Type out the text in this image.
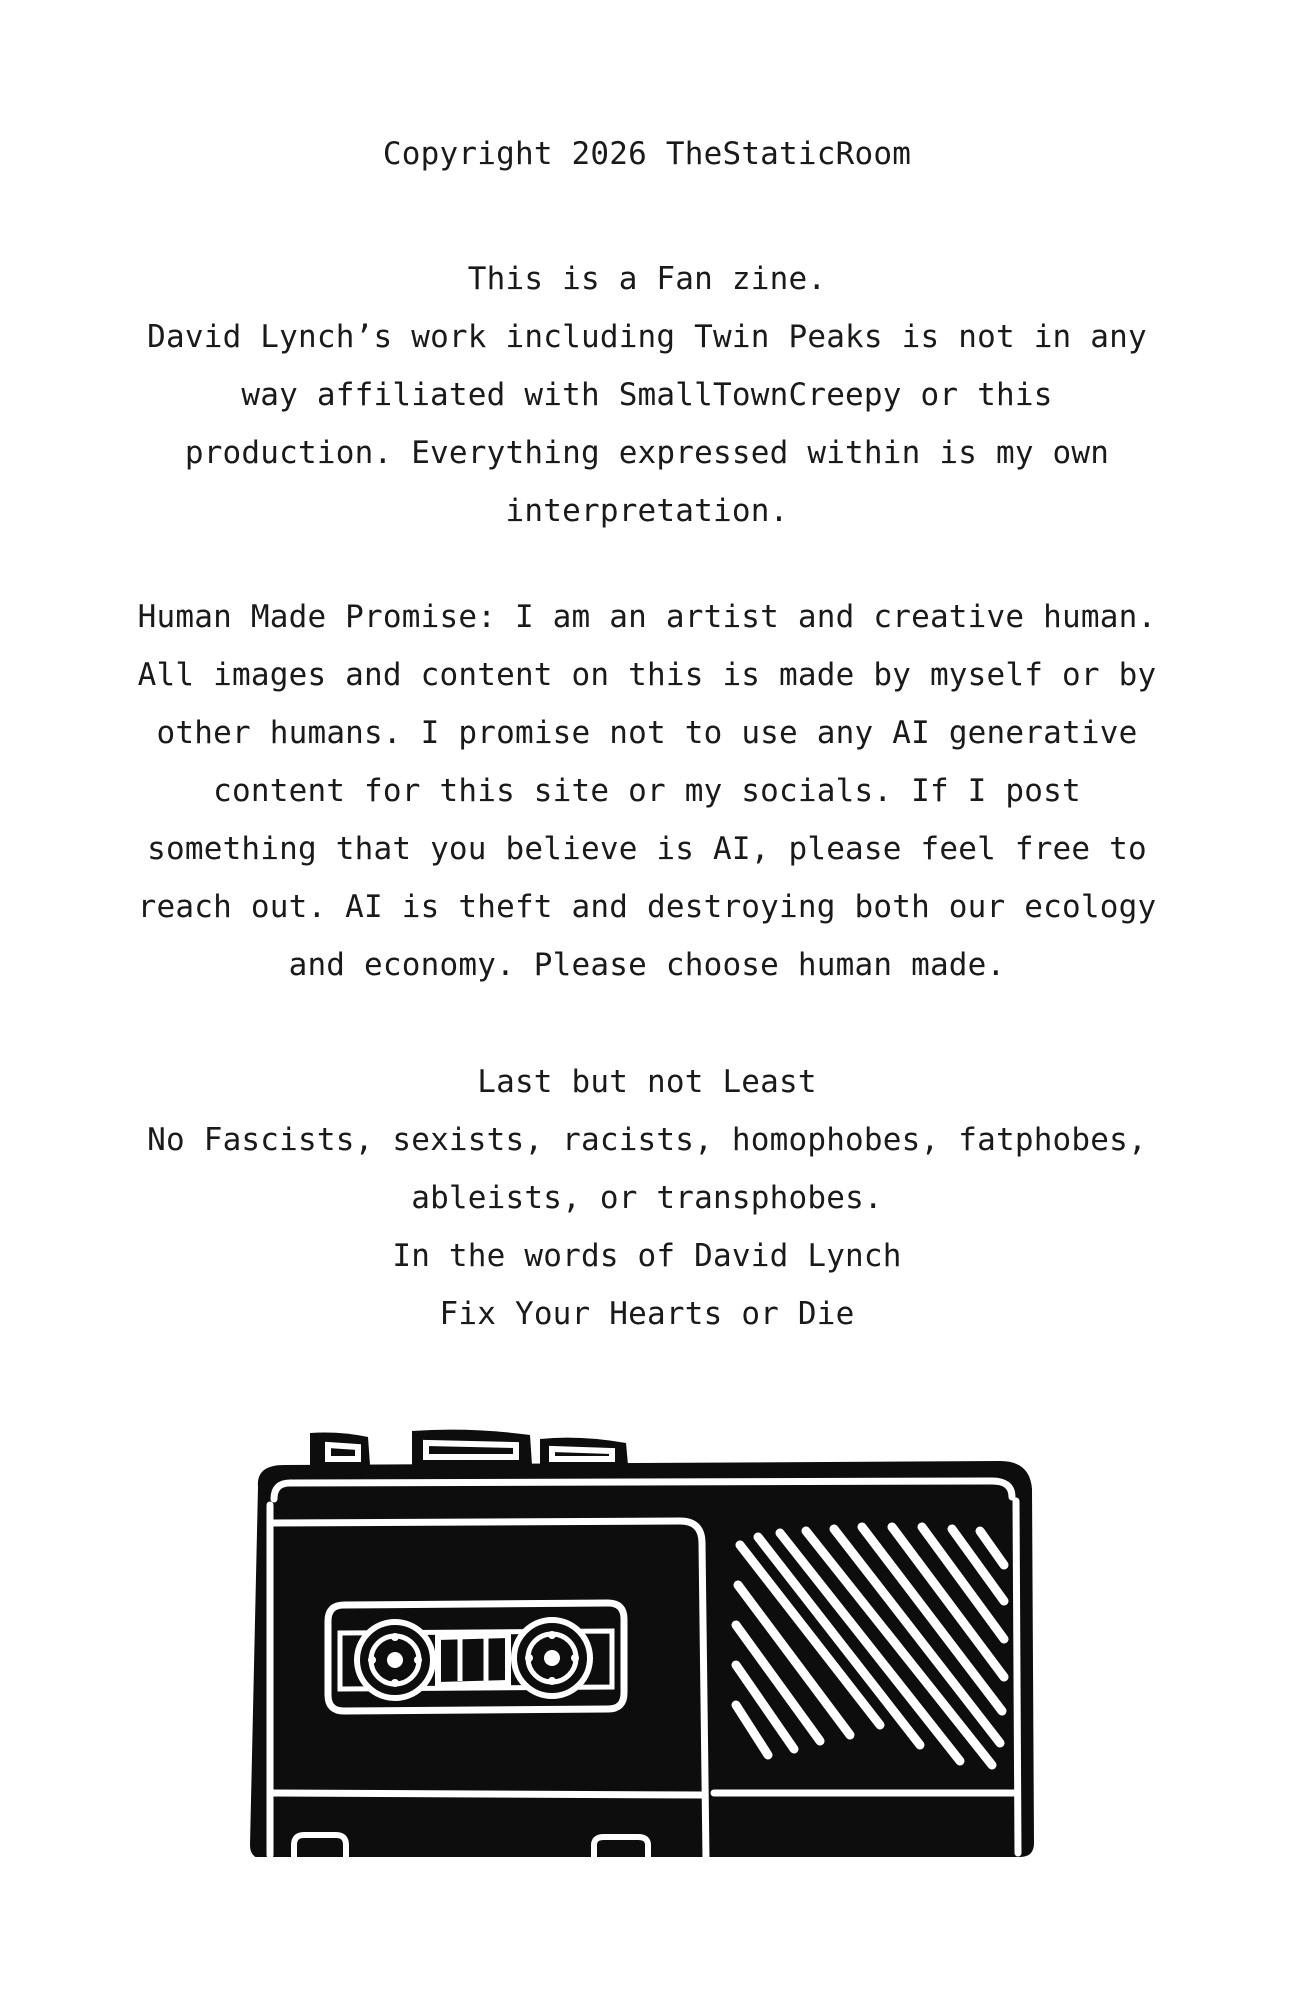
Copyright 2026 TheStaticRoom
This is a Fan zine.
David Lynch’s work including Twin Peaks is not in any
way affiliated with SmallTownCreepy or this
production. Everything expressed within is my own
interpretation.
Human Made Promise: I am an artist and creative human.
All images and content on this is made by myself or by
other humans. I promise not to use any AI generative
content for this site or my socials. If I post
something that you believe is AI, please feel free to
reach out. AI is theft and destroying both our ecology
and economy. Please choose human made.
Last but not Least
No Fascists, sexists, racists, homophobes, fatphobes,
ableists, or transphobes.
In the words of David Lynch
Fix Your Hearts or Die
